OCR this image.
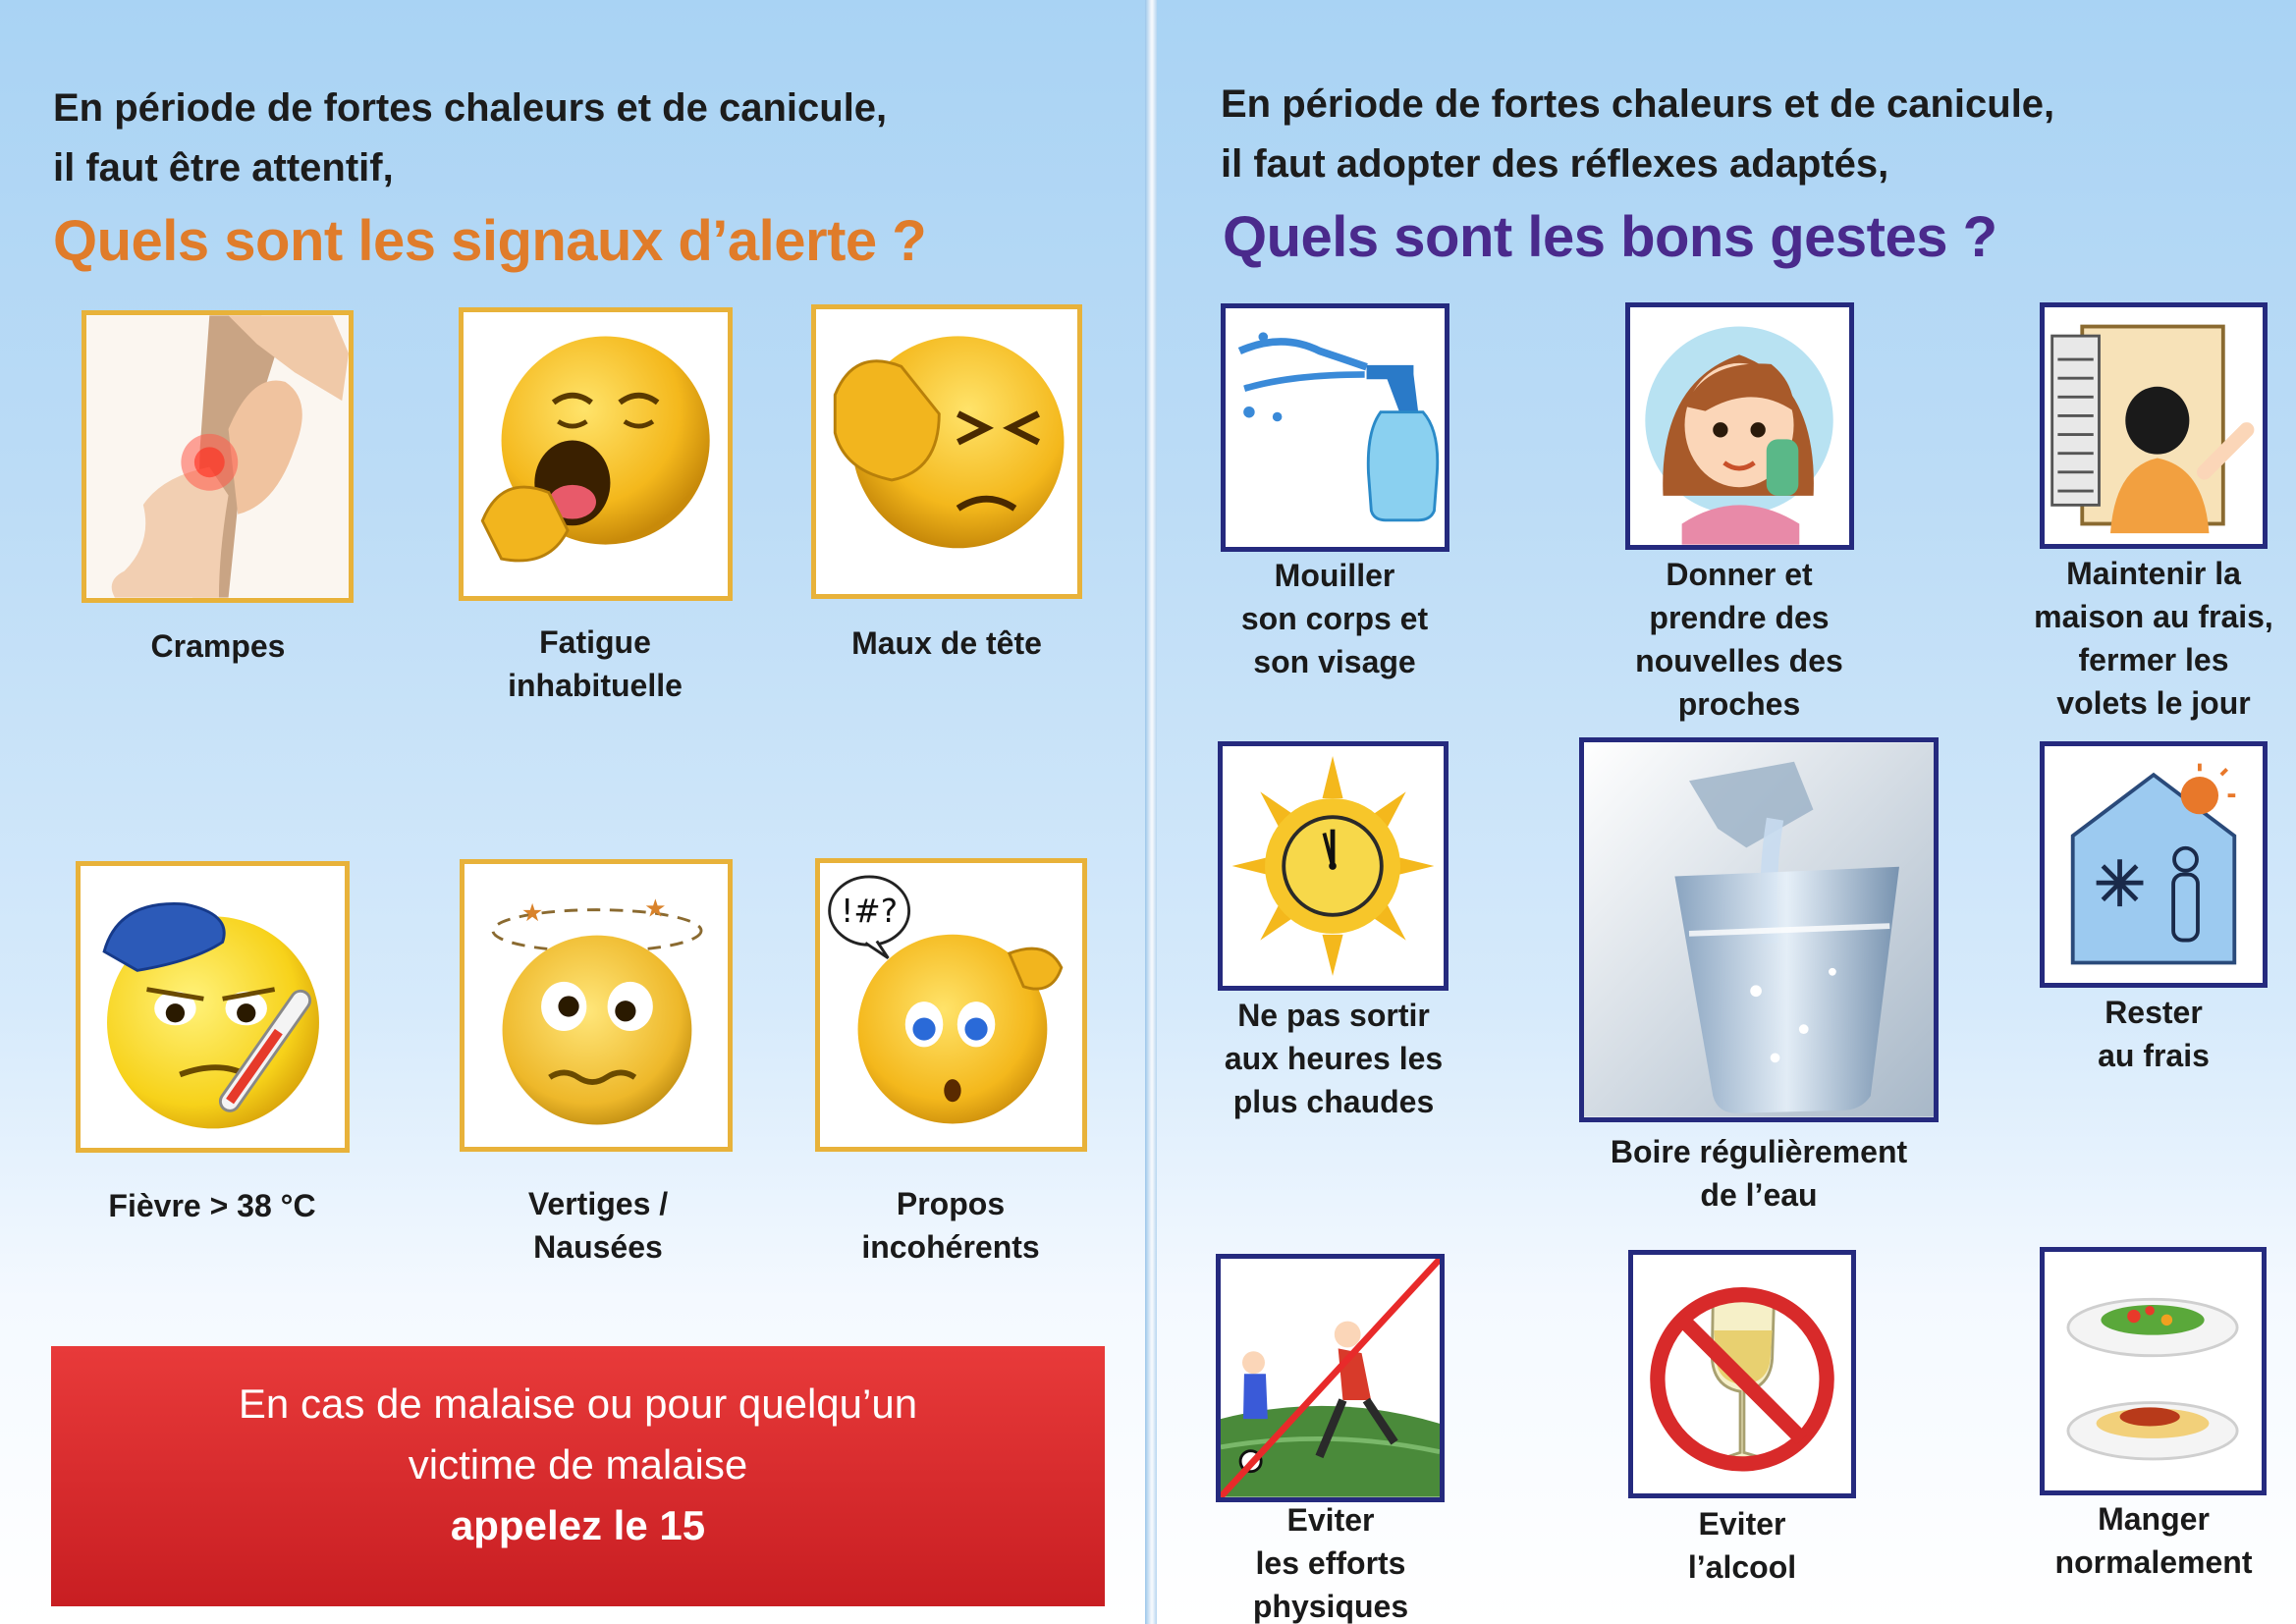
En période de fortes chaleurs et de canicule,
il faut être attentif,
Quels sont les signaux d’alerte ?
Crampes	Fatigue
inhabituelle
Maux de tête
Fièvre > 38 °C
★	★
Vertiges /
Nausées
!#?
Propos
incohérents
En cas de malaise ou pour quelqu’un
victime de malaise
appelez le 15
En période de fortes chaleurs et de canicule,
il faut adopter des réflexes adaptés,
Quels sont les bons gestes ?
Mouiller
son corps et
son visage
Donner et
prendre des
nouvelles des
proches
Maintenir la
maison au frais,
fermer les
volets le jour
Ne pas sortir
aux heures les
plus chaudes
Boire régulièrement
de l’eau
Rester
au frais
Eviter
les efforts
physiques
Eviter
l’alcool
Manger
normalement
